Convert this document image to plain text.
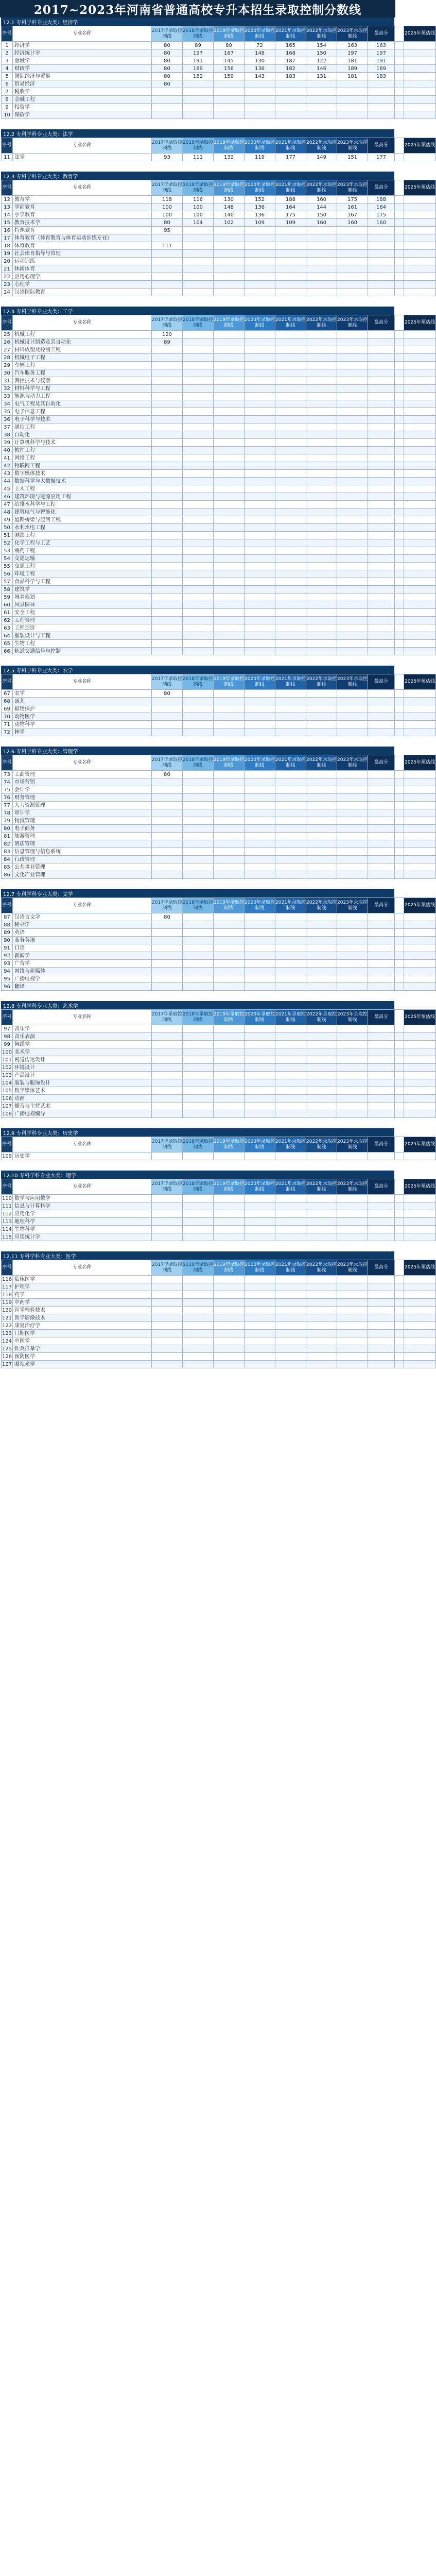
2017~2023年河南省普通高校专升本招生录取控制分数线
12.1 专科学科专业大类：经济学
序号	专业名称	2017年录取控制线	2018年录取控制线	2019年录取控制线	2020年录取控制线	2021年录取控制线	2022年录取控制线	2023年录取控制线	最高分		2025年预估线
1	经济学	80	89	80	72	165	154	163	163		
2	经济统计学	80	197	167	148	168	150	197	197		
3	金融学	80	191	145	130	187	122	181	191		
4	财政学	80	189	156	136	182	146	189	189		
5	国际经济与贸易	80	182	159	143	183	131	181	183		
6	贸易经济	80									
7	税收学										
8	金融工程										
9	投资学										
10	保险学										
12.2 专科学科专业大类：法学
序号	专业名称	2017年录取控制线	2018年录取控制线	2019年录取控制线	2020年录取控制线	2021年录取控制线	2022年录取控制线	2023年录取控制线	最高分		2025年预估线
11	法学	93	111	132	119	177	149	151	177		
12.3 专科学科专业大类：教育学
序号	专业名称	2017年录取控制线	2018年录取控制线	2019年录取控制线	2020年录取控制线	2021年录取控制线	2022年录取控制线	2023年录取控制线	最高分		2025年预估线
12	教育学	118	116	130	152	188	160	175	188		
13	学前教育	100	100	148	136	164	144	161	164		
14	小学教育	100	100	140	136	175	150	167	175		
15	教育技术学	80	104	102	109	109	160	160	160		
16	特殊教育	95									
17	体育教育（体育教育与体育运动训练专业）										
18	体育教育	111									
19	社会体育指导与管理										
20	运动训练										
21	休闲体育										
22	应用心理学										
23	心理学										
24	汉语国际教育										
12.4 专科学科专业大类：工学
序号	专业名称	2017年录取控制线	2018年录取控制线	2019年录取控制线	2020年录取控制线	2021年录取控制线	2022年录取控制线	2023年录取控制线	最高分		2025年预估线
25	机械工程	120									
26	机械设计制造及其自动化	89									
27	材料成型及控制工程										
28	机械电子工程										
29	车辆工程										
30	汽车服务工程										
31	测控技术与仪器										
32	材料科学与工程										
33	能源与动力工程										
34	电气工程及其自动化										
35	电子信息工程										
36	电子科学与技术										
37	通信工程										
38	自动化										
39	计算机科学与技术										
40	软件工程										
41	网络工程										
42	物联网工程										
43	数字媒体技术										
44	数据科学与大数据技术										
45	土木工程										
46	建筑环境与能源应用工程										
47	给排水科学与工程										
48	建筑电气与智能化										
49	道路桥梁与渡河工程										
50	水利水电工程										
51	测绘工程										
52	化学工程与工艺										
53	制药工程										
54	交通运输										
55	交通工程										
56	环境工程										
57	食品科学与工程										
58	建筑学										
59	城乡规划										
60	风景园林										
61	安全工程										
62	工程管理										
63	工程造价										
64	服装设计与工程										
65	生物工程										
66	轨道交通信号与控制										
12.5 专科学科专业大类：农学
序号	专业名称	2017年录取控制线	2018年录取控制线	2019年录取控制线	2020年录取控制线	2021年录取控制线	2022年录取控制线	2023年录取控制线	最高分		2025年预估线
67	农学	80									
68	园艺										
69	植物保护										
70	动物医学										
71	动物科学										
72	林学										
12.6 专科学科专业大类：管理学
序号	专业名称	2017年录取控制线	2018年录取控制线	2019年录取控制线	2020年录取控制线	2021年录取控制线	2022年录取控制线	2023年录取控制线	最高分		2025年预估线
73	工商管理	80									
74	市场营销										
75	会计学										
76	财务管理										
77	人力资源管理										
78	审计学										
79	物流管理										
80	电子商务										
81	旅游管理										
82	酒店管理										
83	信息管理与信息系统										
84	行政管理										
85	公共事业管理										
86	文化产业管理										
12.7 专科学科专业大类：文学
序号	专业名称	2017年录取控制线	2018年录取控制线	2019年录取控制线	2020年录取控制线	2021年录取控制线	2022年录取控制线	2023年录取控制线	最高分		2025年预估线
87	汉语言文学	80									
88	秘书学										
89	英语										
90	商务英语										
91	日语										
92	新闻学										
93	广告学										
94	网络与新媒体										
95	广播电视学										
96	翻译										
12.8 专科学科专业大类：艺术学
序号	专业名称	2017年录取控制线	2018年录取控制线	2019年录取控制线	2020年录取控制线	2021年录取控制线	2022年录取控制线	2023年录取控制线	最高分		2025年预估线
97	音乐学										
98	音乐表演										
99	舞蹈学										
100	美术学										
101	视觉传达设计										
102	环境设计										
103	产品设计										
104	服装与服饰设计										
105	数字媒体艺术										
106	动画										
107	播音与主持艺术										
108	广播电视编导										
12.9 专科学科专业大类：历史学
序号	专业名称	2017年录取控制线	2018年录取控制线	2019年录取控制线	2020年录取控制线	2021年录取控制线	2022年录取控制线	2023年录取控制线	最高分		2025年预估线
109	历史学										
12.10 专科学科专业大类：理学
序号	专业名称	2017年录取控制线	2018年录取控制线	2019年录取控制线	2020年录取控制线	2021年录取控制线	2022年录取控制线	2023年录取控制线	最高分		2025年预估线
110	数学与应用数学										
111	信息与计算科学										
112	应用化学										
113	地理科学										
114	生物科学										
115	应用统计学										
12.11 专科学科专业大类：医学
序号	专业名称	2017年录取控制线	2018年录取控制线	2019年录取控制线	2020年录取控制线	2021年录取控制线	2022年录取控制线	2023年录取控制线	最高分		2025年预估线
116	临床医学										
117	护理学										
118	药学										
119	中药学										
120	医学检验技术										
121	医学影像技术										
122	康复治疗学										
123	口腔医学										
124	中医学										
125	针灸推拿学										
126	预防医学										
127	眼视光学										
